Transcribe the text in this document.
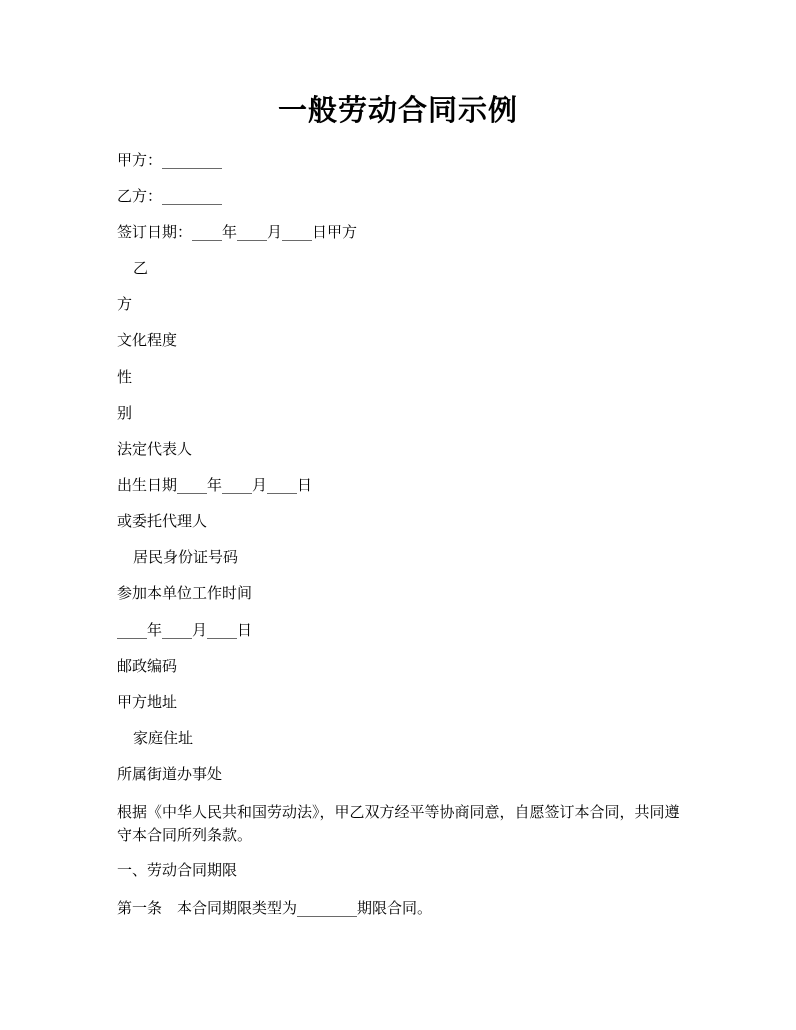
一般劳动合同示例
甲方：________
乙方：________
签订日期：____年____月____日甲方
乙
方
文化程度
性
别
法定代表人
出生日期____年____月____日
或委托代理人
居民身份证号码
参加本单位工作时间
____年____月____日
邮政编码
甲方地址
家庭住址
所属街道办事处
根据《中华人民共和国劳动法》，甲乙双方经平等协商同意，自愿签订本合同，共同遵守本合同所列条款。
一、劳动合同期限
第一条　本合同期限类型为________期限合同。
